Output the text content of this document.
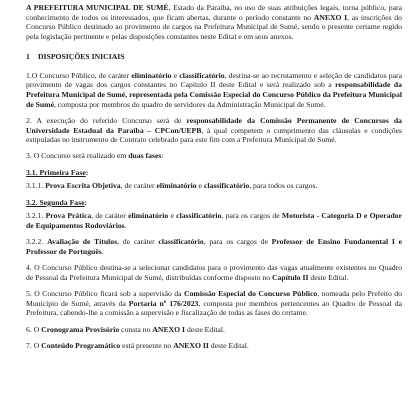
A PREFEITURA MUNICIPAL DE SUMÉ, Estado da Paraíba, no uso de suas atribuições legais, torna público, para conhecimento de todos os interessados, que ficam abertas, durante o período constante no ANEXO I, as inscrições do Concurso Público destinado ao provimento de cargos na Prefeitura Municipal de Sumé, sendo o presente certame regido pela legislação pertinente e pelas disposições constantes neste Edital e em seus anexos.

1 DISPOSIÇÕES INICIAIS

1.O Concurso Público, de caráter eliminatório e classificatório, destina-se ao recrutamento e seleção de candidatos para provimento de vagas dos cargos constantes no Capítulo II deste Edital e será realizado sob a responsabilidade da Prefeitura Municipal de Sumé, representada pela Comissão Especial do Concurso Público da Prefeitura Municipal de Sumé, composta por membros do quadro de servidores da Administração Municipal de Sumé.

2. A execução do referido Concurso será de responsabilidade da Comissão Permanente de Concursos da Universidade Estadual da Paraíba – CPCon/UEPB, à qual competem o cumprimento das cláusulas e condições estipuladas no instrumento de Contrato celebrado para este fim com a Prefeitura Municipal de Sumé.

3. O Concurso será realizado em duas fases:

3.1. Primeira Fase:

3.1.1. Prova Escrita Objetiva, de caráter eliminatório e classificatório, para todos os cargos.

3.2. Segunda Fase:

3.2.1. Prova Prática, de caráter eliminatório e classificatório, para os cargos de Motorista - Categoria D e Operador de Equipamentos Rodoviários.

3.2.2. Avaliação de Títulos, de caráter classificatório, para os cargos de Professor de Ensino Fundamental I e Professor de Português.

4. O Concurso Público destina-se a selecionar candidatos para o provimento das vagas atualmente existentes no Quadro de Pessoal da Prefeitura Municipal de Sumé, distribuídas conforme disposto no Capítulo II deste Edital.

5. O Concurso Público ficará sob a supervisão da Comissão Especial do Concurso Público, nomeada pelo Prefeito do Município de Sumé, através da Portaria nº 176/2023, composta por membros pertencentes ao Quadro de Pessoal da Prefeitura, cabendo-lhe a comissão a supervisão e fiscalização de todas as fases do certame.

6. O Cronograma Provisório consta no ANEXO I deste Edital.

7. O Conteúdo Programático está presente no ANEXO II deste Edital.
